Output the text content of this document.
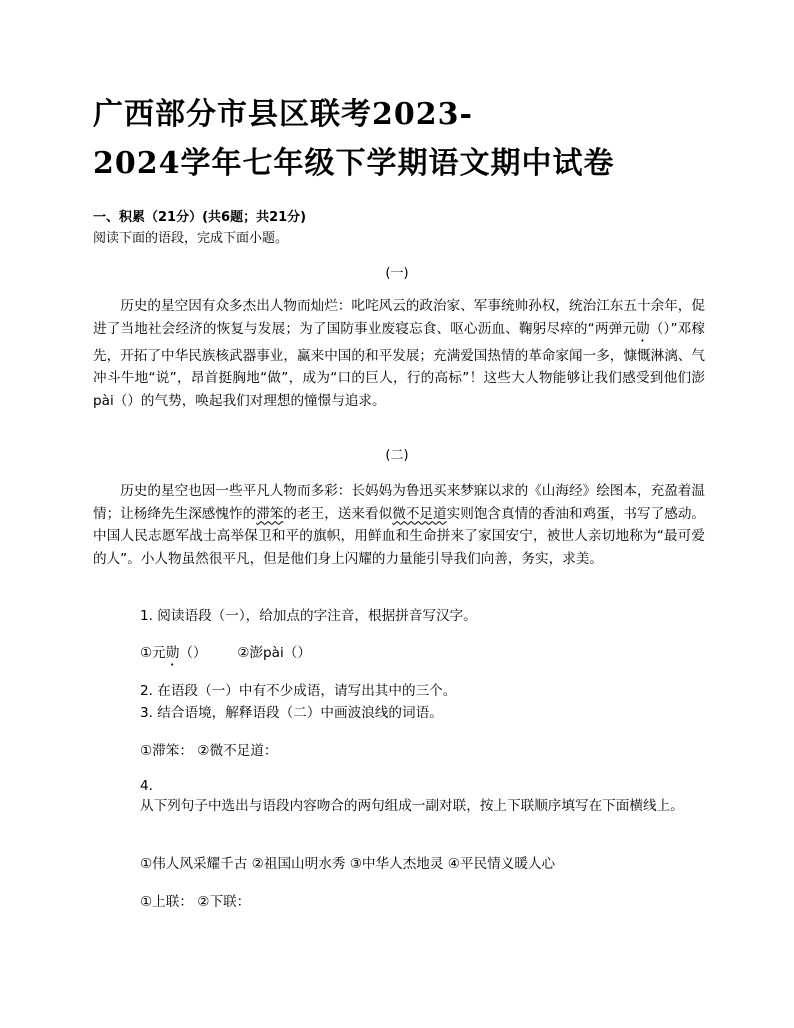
广西部分市县区联考2023-
2024学年七年级下学期语文期中试卷
一、积累（21分）(共6题；共21分)
阅读下面的语段，完成下面小题。
(一)
历史的星空因有众多杰出人物而灿烂：叱咤风云的政治家、军事统帅孙权，统治江东五十余年，促进了当地社会经济的恢复与发展；为了国防事业废寝忘食、呕心沥血、鞠躬尽瘁的“两弹元勋（）”邓稼先，开拓了中华民族核武器事业，赢来中国的和平发展；充满爱国热情的革命家闻一多，慷慨淋漓、气冲斗牛地“说”，昂首挺胸地“做”，成为“口的巨人，行的高标”！这些大人物能够让我们感受到他们澎pài（）的气势，唤起我们对理想的憧憬与追求。
(二)
历史的星空也因一些平凡人物而多彩：长妈妈为鲁迅买来梦寐以求的《山海经》绘图本，充盈着温情；让杨绛先生深感愧怍的滞笨的老王，送来看似微不足道实则饱含真情的香油和鸡蛋，书写了感动。中国人民志愿军战士高举保卫和平的旗帜，用鲜血和生命拼来了家国安宁，被世人亲切地称为“最可爱的人”。小人物虽然很平凡，但是他们身上闪耀的力量能引导我们向善，务实，求美。
1. 阅读语段（一），给加点的字注音，根据拼音写汉字。
①元勋（） ②澎pài（）
2. 在语段（一）中有不少成语，请写出其中的三个。
3. 结合语境，解释语段（二）中画波浪线的词语。
①滞笨： ②微不足道：
4.
从下列句子中选出与语段内容吻合的两句组成一副对联，按上下联顺序填写在下面横线上。
①伟人风采耀千古 ②祖国山明水秀 ③中华人杰地灵 ④平民情义暖人心
①上联： ②下联：
